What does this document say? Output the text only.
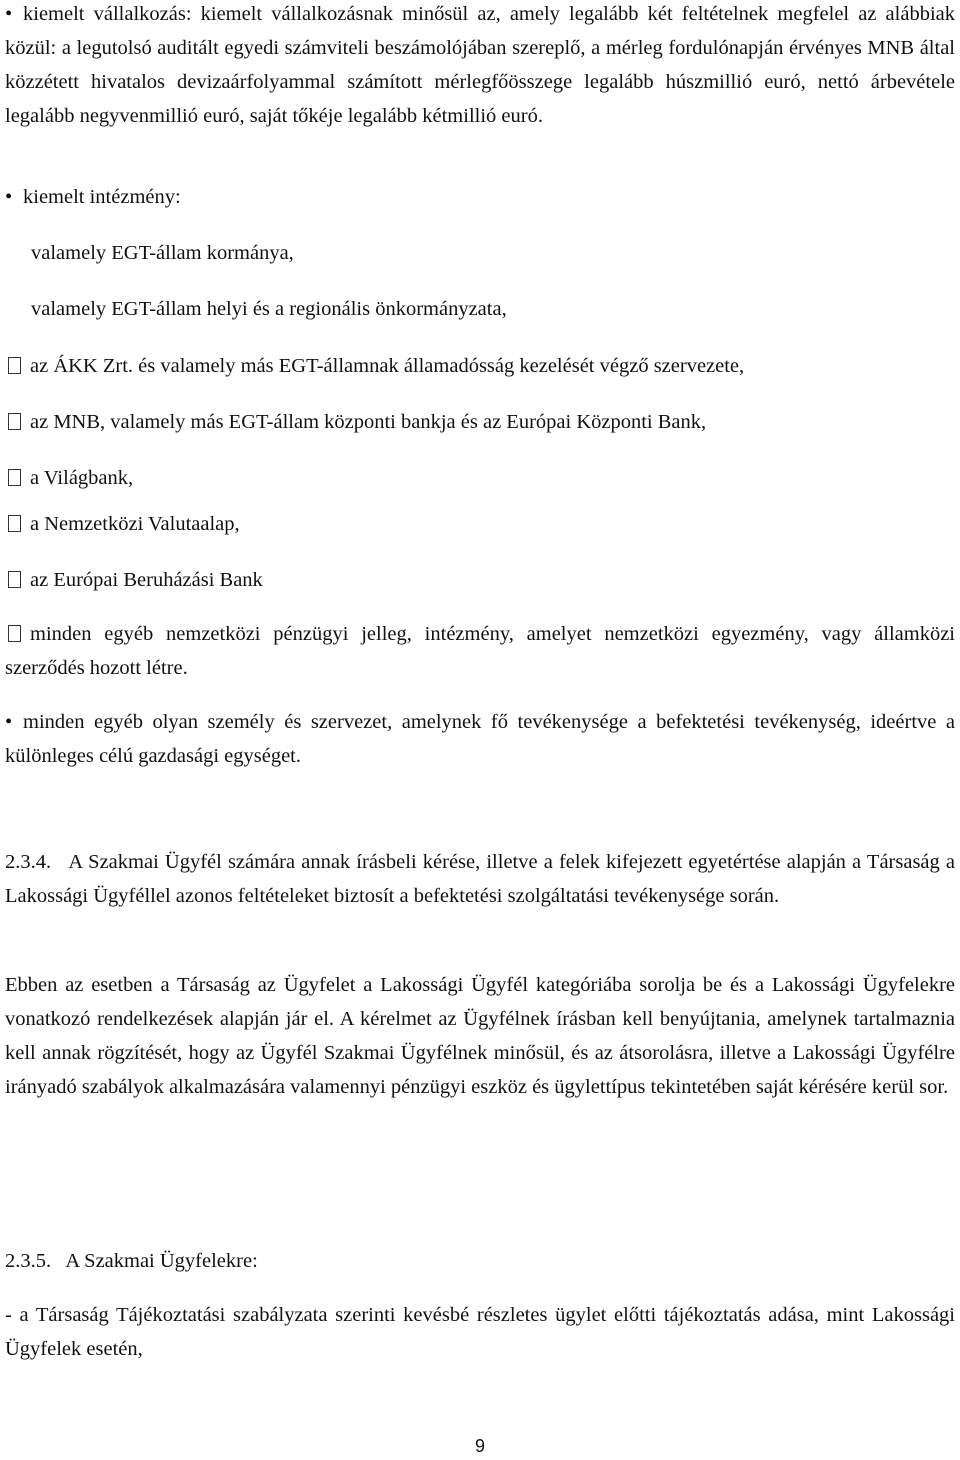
• kiemelt vállalkozás: kiemelt vállalkozásnak minősül az, amely legalább két feltételnek megfelel az alábbiak közül: a legutolsó auditált egyedi számviteli beszámolójában szereplő, a mérleg fordulónapján érvényes MNB által közzétett hivatalos devizaárfolyammal számított mérlegfőösszege legalább húszmillió euró, nettó árbevétele legalább negyvenmillió euró, saját tőkéje legalább kétmillió euró.

• kiemelt intézmény:

valamely EGT-állam kormánya,

valamely EGT-állam helyi és a regionális önkormányzata,

az ÁKK Zrt. és valamely más EGT-államnak államadósság kezelését végző szervezete,

az MNB, valamely más EGT-állam központi bankja és az Európai Központi Bank,

a Világbank,

a Nemzetközi Valutaalap,

az Európai Beruházási Bank

minden egyéb nemzetközi pénzügyi jelleg, intézmény, amelyet nemzetközi egyezmény, vagy államközi szerződés hozott létre.

• minden egyéb olyan személy és szervezet, amelynek fő tevékenysége a befektetési tevékenység, ideértve a különleges célú gazdasági egységet.

2.3.4.   A Szakmai Ügyfél számára annak írásbeli kérése, illetve a felek kifejezett egyetértése alapján a Társaság a Lakossági Ügyféllel azonos feltételeket biztosít a befektetési szolgáltatási tevékenysége során.

Ebben az esetben a Társaság az Ügyfelet a Lakossági Ügyfél kategóriába sorolja be és a Lakossági Ügyfelekre vonatkozó rendelkezések alapján jár el. A kérelmet az Ügyfélnek írásban kell benyújtania, amelynek tartalmaznia kell annak rögzítését, hogy az Ügyfél Szakmai Ügyfélnek minősül, és az átsorolásra, illetve a Lakossági Ügyfélre irányadó szabályok alkalmazására valamennyi pénzügyi eszköz és ügylettípus tekintetében saját kérésére kerül sor.

2.3.5.   A Szakmai Ügyfelekre:

- a Társaság Tájékoztatási szabályzata szerinti kevésbé részletes ügylet előtti tájékoztatás adása, mint Lakossági Ügyfelek esetén,

9
